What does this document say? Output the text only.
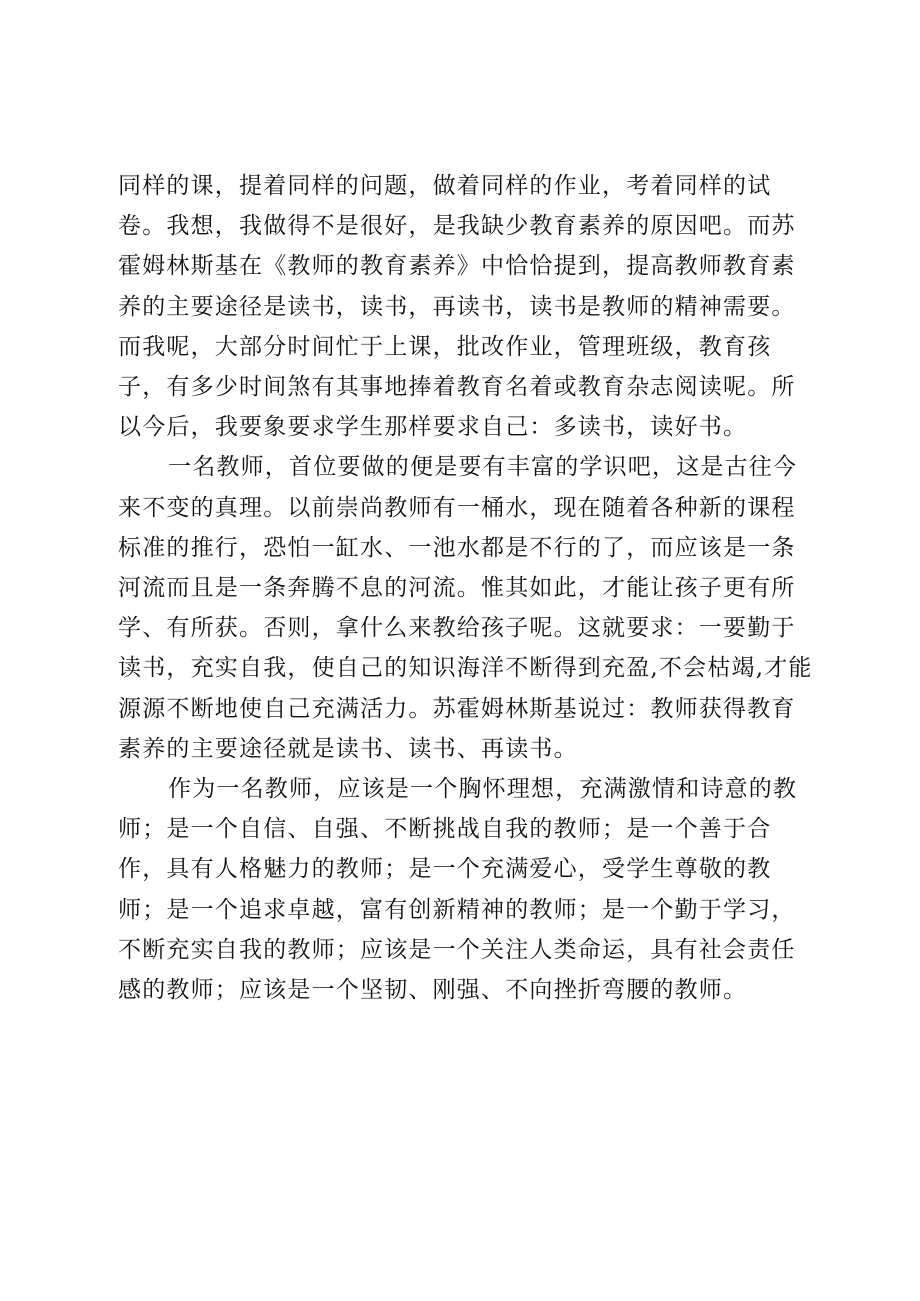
同样的课，提着同样的问题，做着同样的作业，考着同样的试卷。我想，我做得不是很好，是我缺少教育素养的原因吧。而苏霍姆林斯基在《教师的教育素养》中恰恰提到，提高教师教育素养的主要途径是读书，读书，再读书，读书是教师的精神需要。而我呢，大部分时间忙于上课，批改作业，管理班级，教育孩子，有多少时间煞有其事地捧着教育名着或教育杂志阅读呢。所以今后，我要象要求学生那样要求自己：多读书，读好书。

一名教师，首位要做的便是要有丰富的学识吧，这是古往今来不变的真理。以前崇尚教师有一桶水，现在随着各种新的课程标准的推行，恐怕一缸水、一池水都是不行的了，而应该是一条河流而且是一条奔腾不息的河流。惟其如此，才能让孩子更有所学、有所获。否则，拿什么来教给孩子呢。这就要求：一要勤于读书，充实自我，使自己的知识海洋不断得到充盈,不会枯竭,才能源源不断地使自己充满活力。苏霍姆林斯基说过：教师获得教育素养的主要途径就是读书、读书、再读书。

作为一名教师，应该是一个胸怀理想，充满激情和诗意的教师；是一个自信、自强、不断挑战自我的教师；是一个善于合作，具有人格魅力的教师；是一个充满爱心，受学生尊敬的教师；是一个追求卓越，富有创新精神的教师；是一个勤于学习，不断充实自我的教师；应该是一个关注人类命运，具有社会责任感的教师；应该是一个坚韧、刚强、不向挫折弯腰的教师。
